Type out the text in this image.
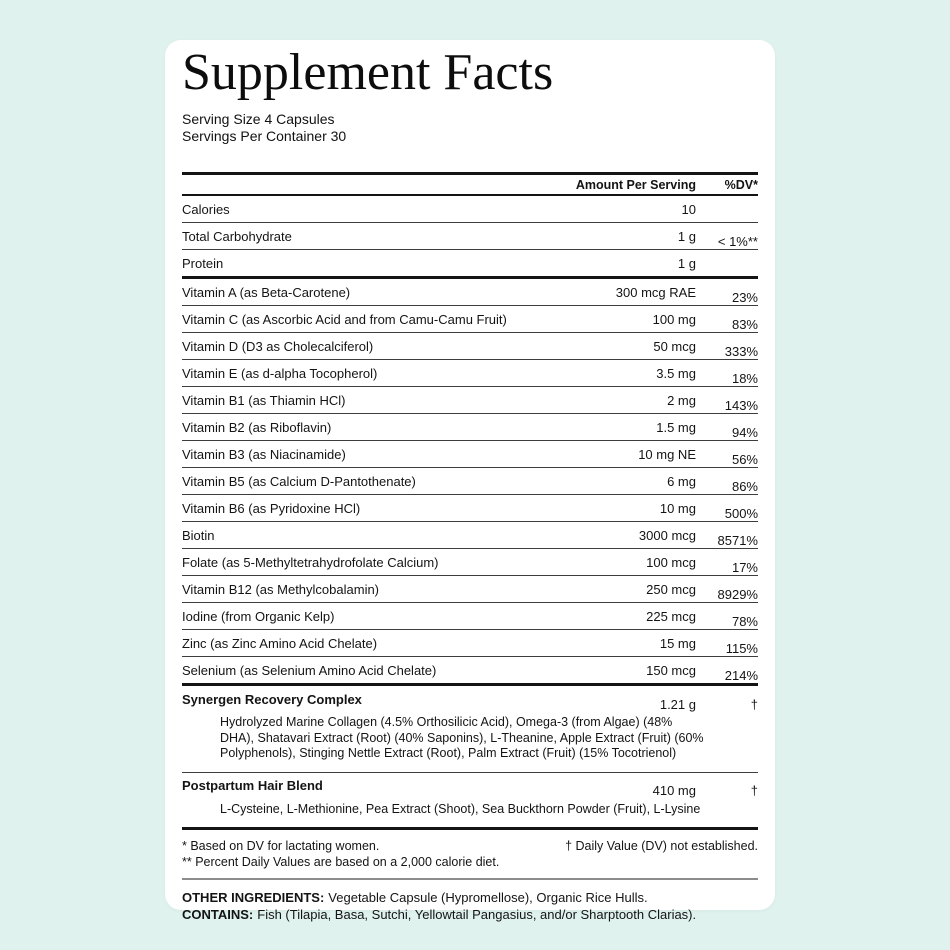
Supplement Facts
Serving Size 4 Capsules
Servings Per Container 30
Amount Per Serving	%DV*
Calories	10
Total Carbohydrate	1 g	< 1%**
Protein	1 g
Vitamin A (as Beta-Carotene)	300 mcg RAE	23%
Vitamin C (as Ascorbic Acid and from Camu-Camu Fruit)	100 mg	83%
Vitamin D (D3 as Cholecalciferol)	50 mcg	333%
Vitamin E (as d-alpha Tocopherol)	3.5 mg	18%
Vitamin B1 (as Thiamin HCl)	2 mg	143%
Vitamin B2 (as Riboflavin)	1.5 mg	94%
Vitamin B3 (as Niacinamide)	10 mg NE	56%
Vitamin B5 (as Calcium D-Pantothenate)	6 mg	86%
Vitamin B6 (as Pyridoxine HCl)	10 mg	500%
Biotin	3000 mcg	8571%
Folate (as 5-Methyltetrahydrofolate Calcium)	100 mcg	17%
Vitamin B12 (as Methylcobalamin)	250 mcg	8929%
Iodine (from Organic Kelp)	225 mcg	78%
Zinc (as Zinc Amino Acid Chelate)	15 mg	115%
Selenium (as Selenium Amino Acid Chelate)	150 mcg	214%
Synergen Recovery Complex	1.21 g	†
Hydrolyzed Marine Collagen (4.5% Orthosilicic Acid), Omega-3 (from Algae) (48% DHA), Shatavari Extract (Root) (40% Saponins), L-Theanine, Apple Extract (Fruit) (60% Polyphenols), Stinging Nettle Extract (Root), Palm Extract (Fruit) (15% Tocotrienol)
Postpartum Hair Blend	410 mg	†
L-Cysteine, L-Methionine, Pea Extract (Shoot), Sea Buckthorn Powder (Fruit), L-Lysine
* Based on DV for lactating women.	† Daily Value (DV) not established.
** Percent Daily Values are based on a 2,000 calorie diet.
OTHER INGREDIENTS: Vegetable Capsule (Hypromellose), Organic Rice Hulls.
CONTAINS: Fish (Tilapia, Basa, Sutchi, Yellowtail Pangasius, and/or Sharptooth Clarias).
